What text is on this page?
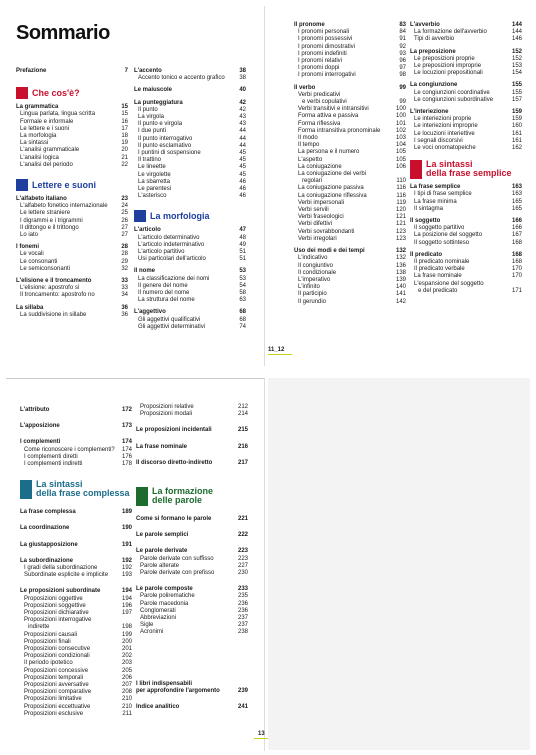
Sommario
Prefazione	7
Che cos'è?
La grammatica	15
Lingua parlata, lingua scritta	15
Formale e informale	16
Le lettere e i suoni	17
La morfologia	18
La sintassi	19
L'analisi grammaticale	20
L'analisi logica	21
L'analisi del periodo	22
Lettere e suoni
L'alfabeto italiano	23
L'alfabeto fonetico internazionale	24
Le lettere straniere	25
I digrammi e i trigrammi	26
Il dittongo e il trittongo	27
Lo iato	27
I fonemi	28
Le vocali	28
Le consonanti	29
Le semiconsonanti	32
L'elisione e il troncamento	33
L'elisione: apostrofo sì	33
Il troncamento: apostrofo no	34
La sillaba	36
La suddivisione in sillabe	36
L'accento	38
Accento tonico e accento grafico	38
Le maiuscole	40
La punteggiatura	42
Il punto	42
La virgola	43
Il punto e virgola	43
I due punti	44
Il punto interrogativo	44
Il punto esclamativo	44
I puntini di sospensione	45
Il trattino	45
Le lineette	45
Le virgolette	45
La sbarretta	46
Le parentesi	46
L'asterisco	46
La morfologia
L'articolo	47
L'articolo determinativo	48
L'articolo indeterminativo	49
L'articolo partitivo	51
Usi particolari dell'articolo	51
Il nome	53
La classificazione dei nomi	53
Il genere del nome	54
Il numero del nome	58
La struttura del nome	63
L'aggettivo	68
Gli aggettivi qualificativi	68
Gli aggettivi determinativi	74
Il pronome	83
I pronomi personali	84
I pronomi possessivi	91
I pronomi dimostrativi	92
I pronomi indefiniti	93
I pronomi relativi	96
I pronomi doppi	97
I pronomi interrogativi	98
Il verbo	99
Verbi predicativi
e verbi copulativi	99
Verbi transitivi e intransitivi	100
Forma attiva e passiva	100
Forma riflessiva	101
Forma intransitiva pronominale	102
Il modo	103
Il tempo	104
La persona e il numero	105
L'aspetto	105
La coniugazione	106
La coniugazione dei verbi
regolari	110
La coniugazione passiva	116
La coniugazione riflessiva	116
Verbi impersonali	119
Verbi servili	120
Verbi fraseologici	121
Verbi difettivi	121
Verbi sovrabbondanti	123
Verbi irregolari	123
Uso dei modi e dei tempi	132
L'indicativo	132
Il congiuntivo	136
Il condizionale	138
L'imperativo	139
L'infinito	140
Il participio	141
Il gerundio	142
L'avverbio	144
La formazione dell'avverbio	144
Tipi di avverbio	146
La preposizione	152
Le preposizioni proprie	152
Le preposizioni improprie	153
Le locuzioni prepositionali	154
La congiunzione	155
Le congiunzioni coordinative	155
Le congiunzioni subordinative	157
L'interiezione	159
Le interiezioni proprie	159
Le interiezioni improprie	160
Le locuzioni interiettive	161
I segnali discorsivi	161
Le voci onomatopeiche	162
La sintassi
della frase semplice
La frase semplice	163
I tipi di frase semplice	163
La frase minima	165
Il sintagma	165
Il soggetto	166
Il soggetto partitivo	166
La posizione del soggetto	167
Il soggetto sottinteso	168
Il predicato	168
Il predicato nominale	168
Il predicato verbale	170
La frase nominale	170
L'espansione del soggetto
e del predicato	171
11_12
L'attributo	172
L'apposizione	173
I complementi	174
Come riconoscere i complementi?	174
I complementi diretti	176
I complementi indiretti	178
La sintassi
della frase complessa
La frase complessa	189
La coordinazione	190
La giustapposizione	191
La subordinazione	192
I gradi della subordinazione	192
Subordinate esplicite e implicite	193
Le proposizioni subordinate	194
Proposizioni oggettive	194
Proposizioni soggettive	196
Proposizioni dichiarative	197
Proposizioni interrogative
indirette	198
Proposizioni causali	199
Proposizioni finali	200
Proposizioni consecutive	201
Proposizioni condizionali	202
Il periodo ipotetico	203
Proposizioni concessive	205
Proposizioni temporali	206
Proposizioni avversative	207
Proposizioni comparative	208
Proposizioni limitative	210
Proposizioni eccettuative	210
Proposizioni esclusive	211
Proposizioni relative	212
Proposizioni modali	214
Le proposizioni incidentali	215
La frase nominale	216
Il discorso diretto-indiretto	217
La formazione
delle parole
Come si formano le parole	221
Le parole semplici	222
Le parole derivate	223
Parole derivate con suffisso	223
Parole alterate	227
Parole derivate con prefisso	230
Le parole composte	233
Parole polirematiche	235
Parole macedonia	236
Conglomerati	236
Abbreviazioni	237
Sigle	237
Acronimi	238
I libri indispensabili
per approfondire l'argomento	239
Indice analitico	241
13
